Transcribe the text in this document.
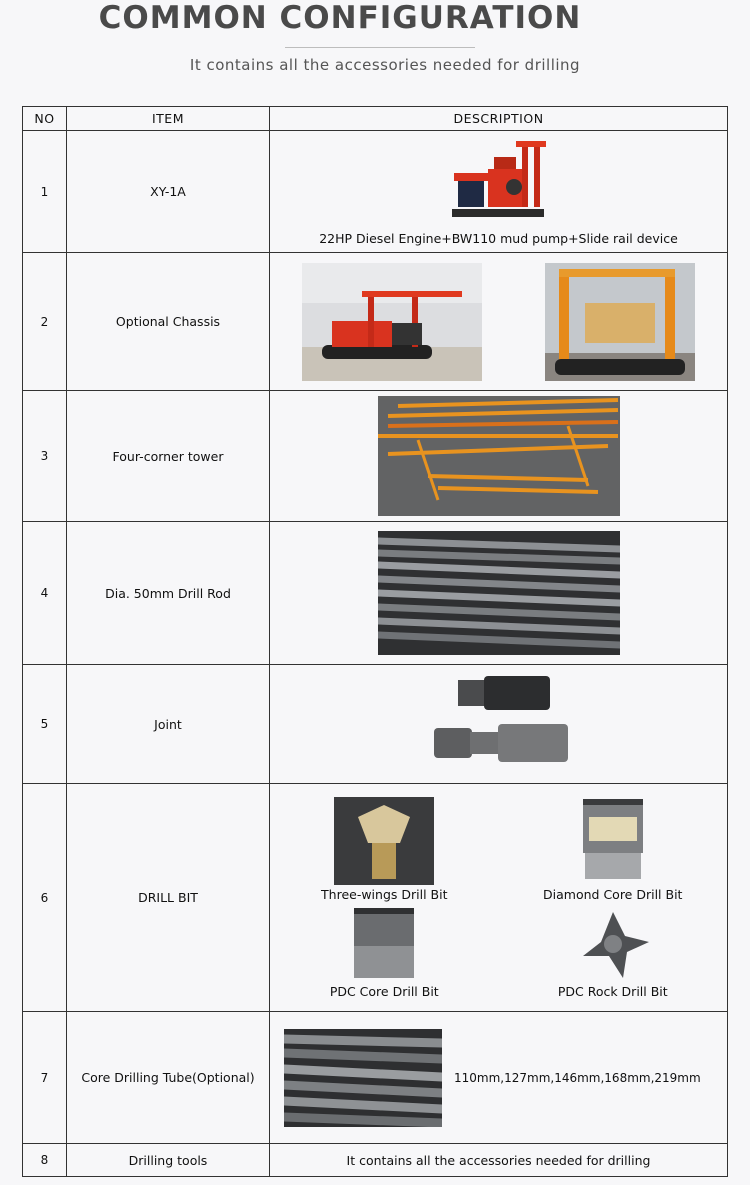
COMMON CONFIGURATION
It contains all the accessories needed for drilling
NO	ITEM	DESCRIPTION
1	XY-1A	22HP Diesel Engine+BW110 mud pump+Slide rail device

2	Optional Chassis	

3	Four-corner tower	

4	Dia. 50mm Drill Rod	

5	Joint	

6	DRILL BIT	Three-wings Drill Bit Diamond Core Drill Bit
PDC Core Drill Bit PDC Rock Drill Bit

7	Core Drilling Tube(Optional)	110mm,127mm,146mm,168mm,219mm

8	Drilling tools	It contains all the accessories needed for drilling
